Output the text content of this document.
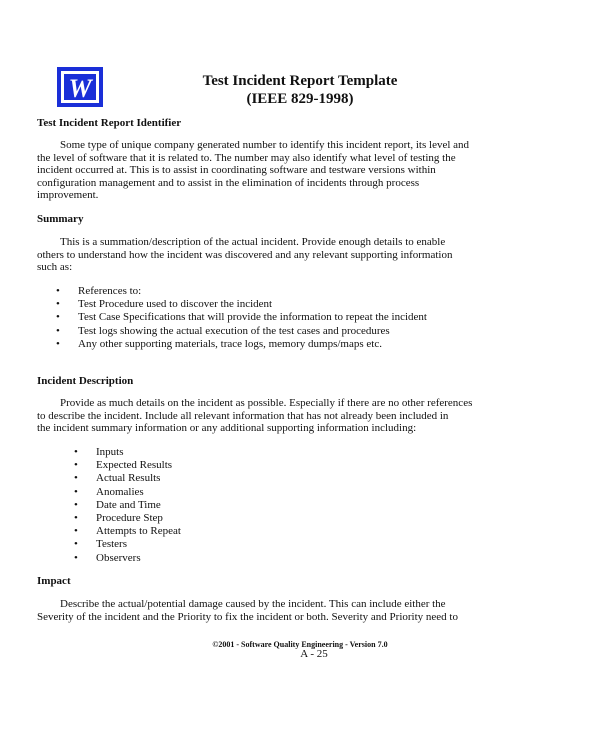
W	Test Incident Report Template
(IEEE 829-1998)
Test Incident Report Identifier
Some type of unique company generated number to identify this incident report, its level and
the level of software that it is related to. The number may also identify what level of testing the
incident occurred at. This is to assist in coordinating software and testware versions within
configuration management and to assist in the elimination of incidents through process
improvement.
Summary
This is a summation/description of the actual incident. Provide enough details to enable
others to understand how the incident was discovered and any relevant supporting information
such as:
• References to:
• Test Procedure used to discover the incident
• Test Case Specifications that will provide the information to repeat the incident
• Test logs showing the actual execution of the test cases and procedures
• Any other supporting materials, trace logs, memory dumps/maps etc.
Incident Description
Provide as much details on the incident as possible. Especially if there are no other references
to describe the incident. Include all relevant information that has not already been included in
the incident summary information or any additional supporting information including:
• Inputs
• Expected Results
• Actual Results
• Anomalies
• Date and Time
• Procedure Step
• Attempts to Repeat
• Testers
• Observers
Impact
Describe the actual/potential damage caused by the incident. This can include either the
Severity of the incident and the Priority to fix the incident or both. Severity and Priority need to
©2001 - Software Quality Engineering - Version 7.0
A - 25
